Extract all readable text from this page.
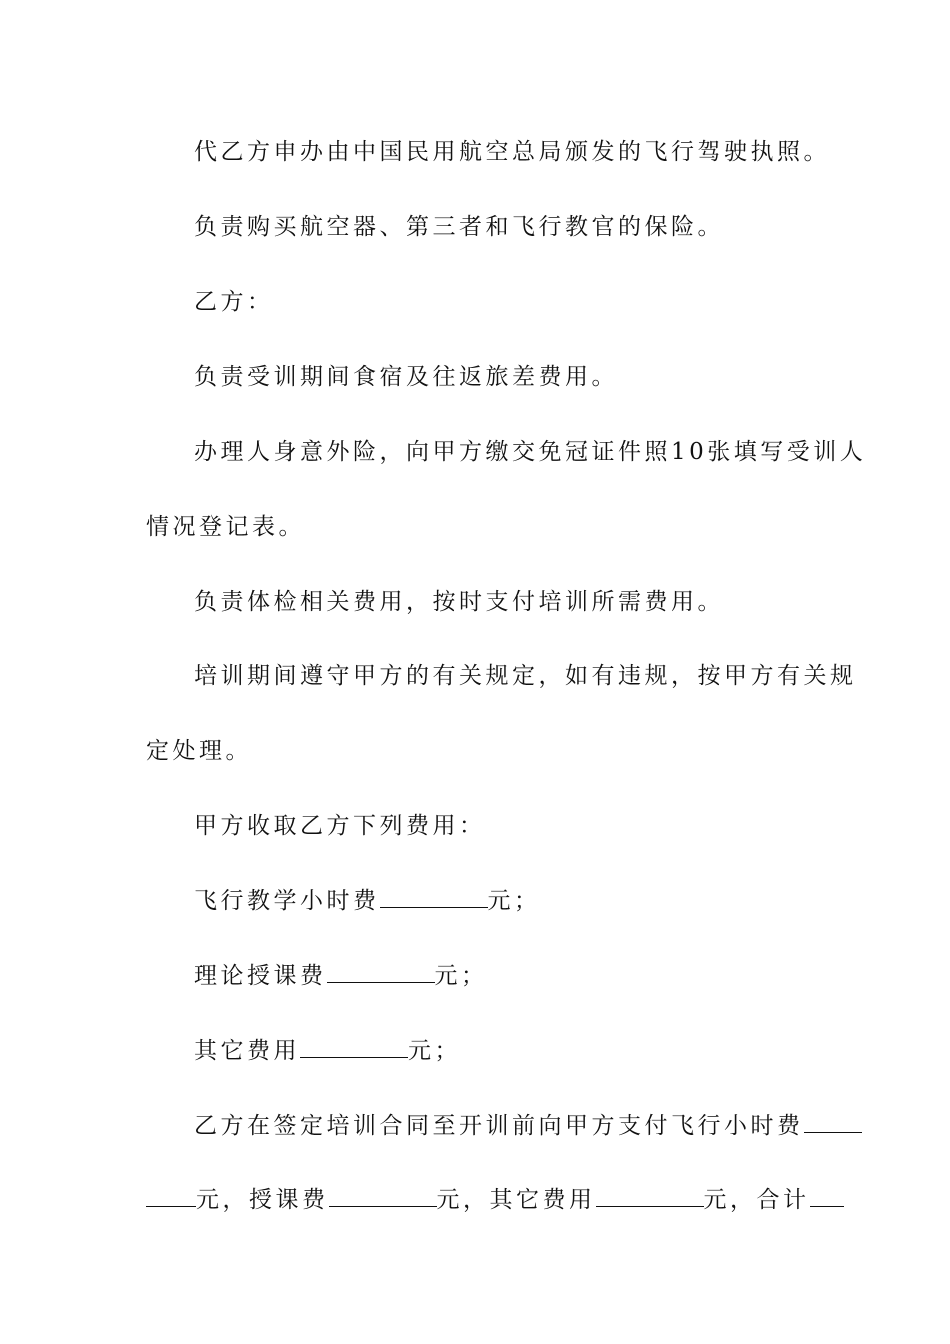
代乙方申办由中国民用航空总局颁发的飞行驾驶执照。
负责购买航空器、第三者和飞行教官的保险。
乙方：
负责受训期间食宿及往返旅差费用。
办理人身意外险，向甲方缴交免冠证件照10张填写受训人
情况登记表。
负责体检相关费用，按时支付培训所需费用。
培训期间遵守甲方的有关规定，如有违规，按甲方有关规
定处理。
甲方收取乙方下列费用：
飞行教学小时费	元；
理论授课费	元；
其它费用	元；
乙方在签定培训合同至开训前向甲方支付飞行小时费
元，授课费	元，其它费用	元，合计
